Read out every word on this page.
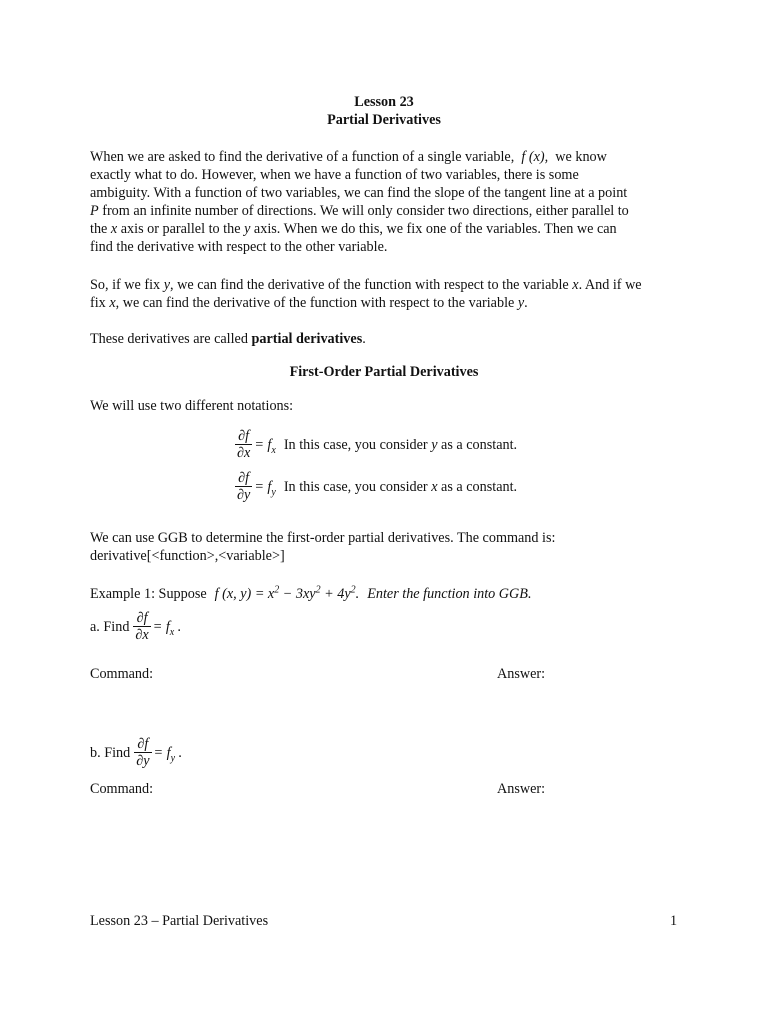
Lesson 23
Partial Derivatives
When we are asked to find the derivative of a function of a single variable, f (x), we know
exactly what to do. However, when we have a function of two variables, there is some
ambiguity. With a function of two variables, we can find the slope of the tangent line at a point
P from an infinite number of directions. We will only consider two directions, either parallel to
the x axis or parallel to the y axis. When we do this, we fix one of the variables. Then we can
find the derivative with respect to the other variable.
So, if we fix y, we can find the derivative of the function with respect to the variable x. And if we
fix x, we can find the derivative of the function with respect to the variable y.
These derivatives are called partial derivatives.
First-Order Partial Derivatives
We will use two different notations:
$\frac{\partial f}{\partial x} = f_x$ In this case, you consider y as a constant.
$\frac{\partial f}{\partial y} = f_y$ In this case, you consider x as a constant.
We can use GGB to determine the first-order partial derivatives. The command is:
derivative[<function>,<variable>]
Example 1: Suppose f (x, $y) = x^2 - 3xy^2 + 4y^2$. Enter the function into GGB.
a. Find $\frac{\partial f}{\partial x} = f_x$ .
Command:	Answer:
b. Find $\frac{\partial f}{\partial y} = f_y$ .
Command:	Answer:
Lesson 23 – Partial Derivatives	1
